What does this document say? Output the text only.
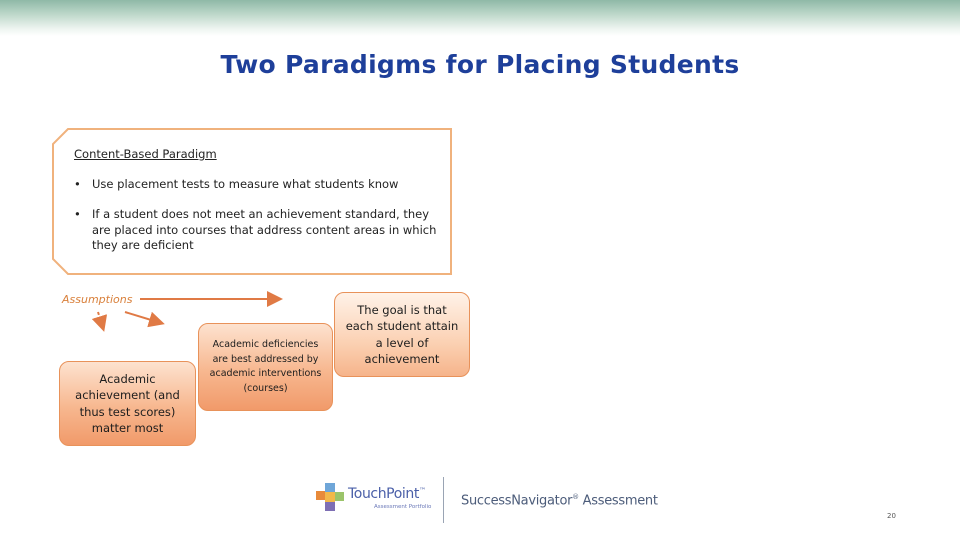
Two Paradigms for Placing Students
Content-Based Paradigm
• Use placement tests to measure what students know
• If a student does not meet an achievement standard, they are placed into courses that address content areas in which they are deficient
Assumptions
Academic achievement (and thus test scores) matter most
Academic deficiencies are best addressed by academic interventions (courses)
The goal is that each student attain a level of achievement
TouchPoint™
Assessment Portfolio SuccessNavigator® Assessment
20
